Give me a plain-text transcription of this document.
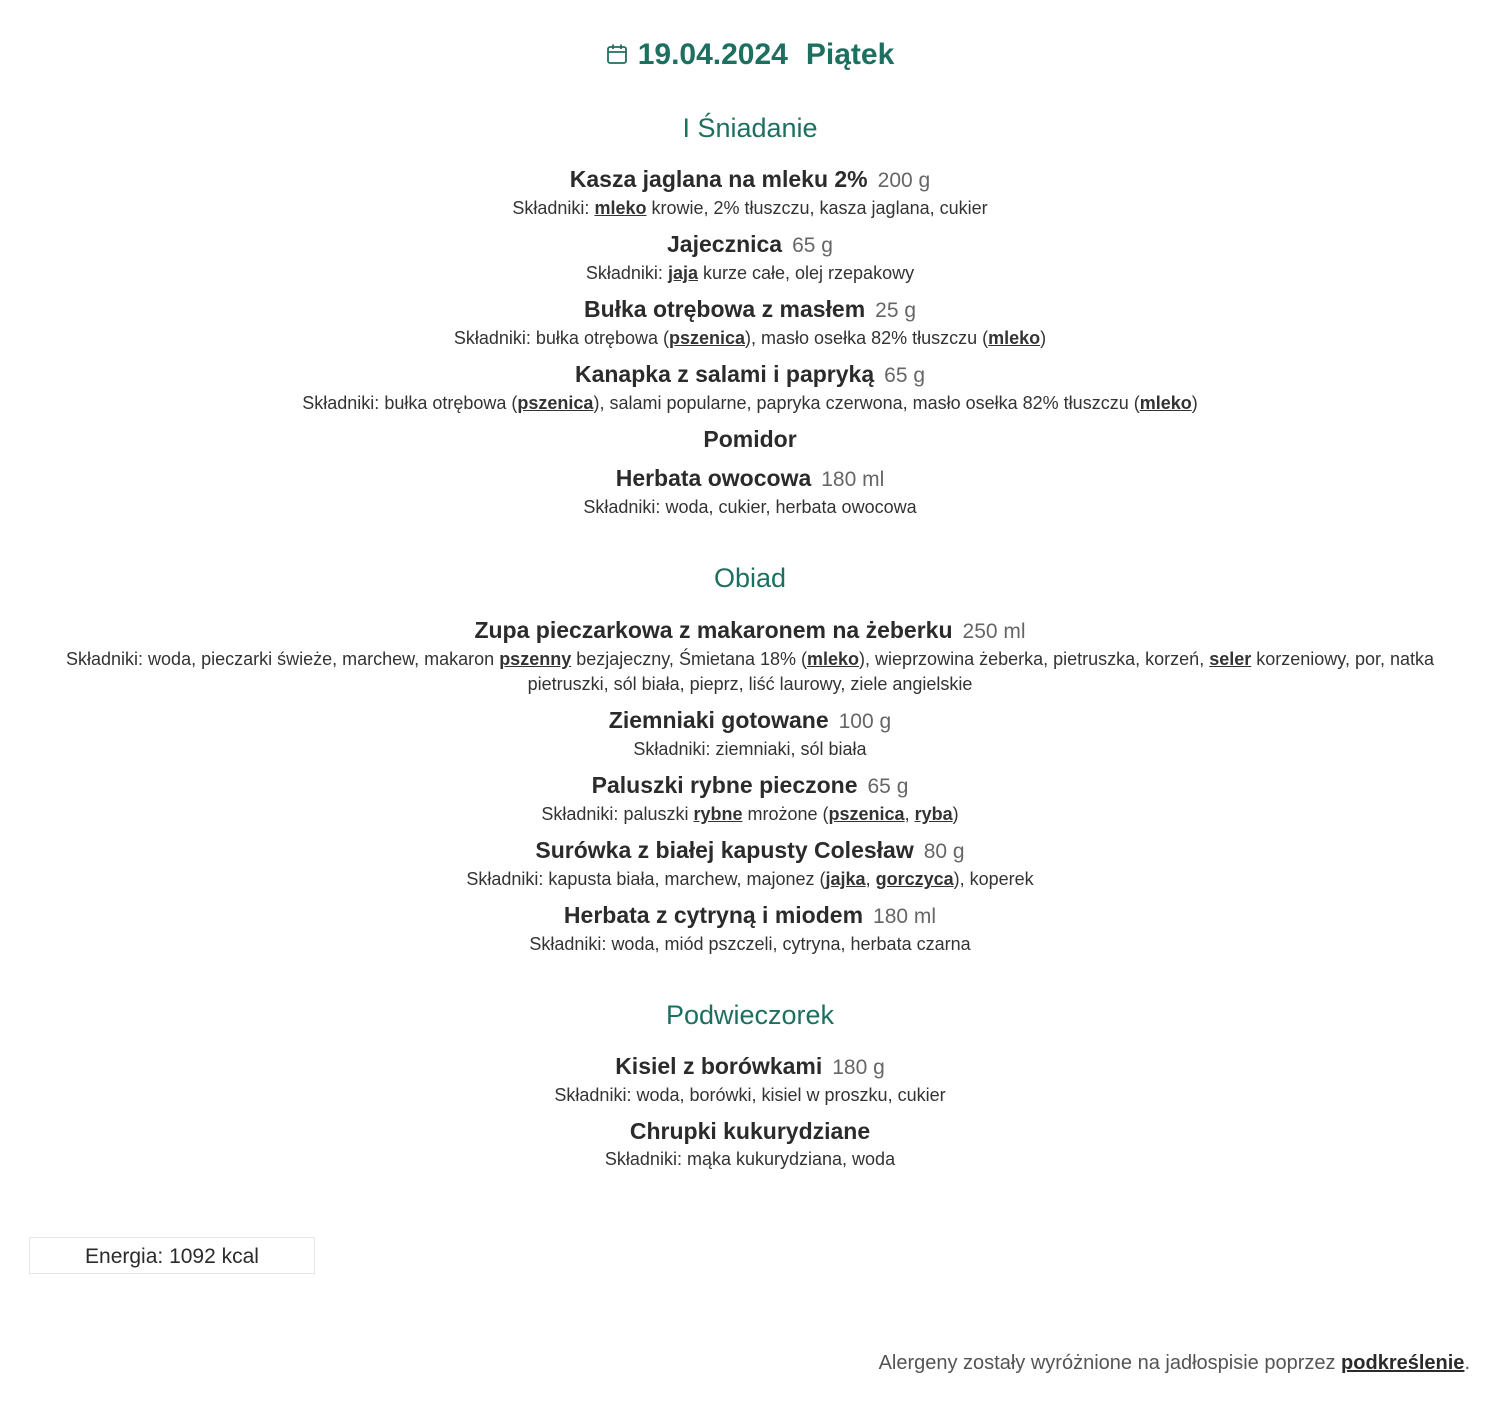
19.04.2024 Piątek
I Śniadanie
Kasza jaglana na mleku 2% 200 g
Składniki: mleko krowie, 2% tłuszczu, kasza jaglana, cukier
Jajecznica 65 g
Składniki: jaja kurze całe, olej rzepakowy
Bułka otrębowa z masłem 25 g
Składniki: bułka otrębowa (pszenica), masło osełka 82% tłuszczu (mleko)
Kanapka z salami i papryką 65 g
Składniki: bułka otrębowa (pszenica), salami popularne, papryka czerwona, masło osełka 82% tłuszczu (mleko)
Pomidor
Herbata owocowa 180 ml
Składniki: woda, cukier, herbata owocowa
Obiad
Zupa pieczarkowa z makaronem na żeberku 250 ml
Składniki: woda, pieczarki świeże, marchew, makaron pszenny bezjajeczny, Śmietana 18% (mleko), wieprzowina żeberka, pietruszka, korzeń, seler korzeniowy, por, natka pietruszki, sól biała, pieprz, liść laurowy, ziele angielskie
Ziemniaki gotowane 100 g
Składniki: ziemniaki, sól biała
Paluszki rybne pieczone 65 g
Składniki: paluszki rybne mrożone (pszenica, ryba)
Surówka z białej kapusty Colesław 80 g
Składniki: kapusta biała, marchew, majonez (jajka, gorczyca), koperek
Herbata z cytryną i miodem 180 ml
Składniki: woda, miód pszczeli, cytryna, herbata czarna
Podwieczorek
Kisiel z borówkami 180 g
Składniki: woda, borówki, kisiel w proszku, cukier
Chrupki kukurydziane
Składniki: mąka kukurydziana, woda
Energia: 1092 kcal
Alergeny zostały wyróżnione na jadłospisie poprzez podkreślenie.
